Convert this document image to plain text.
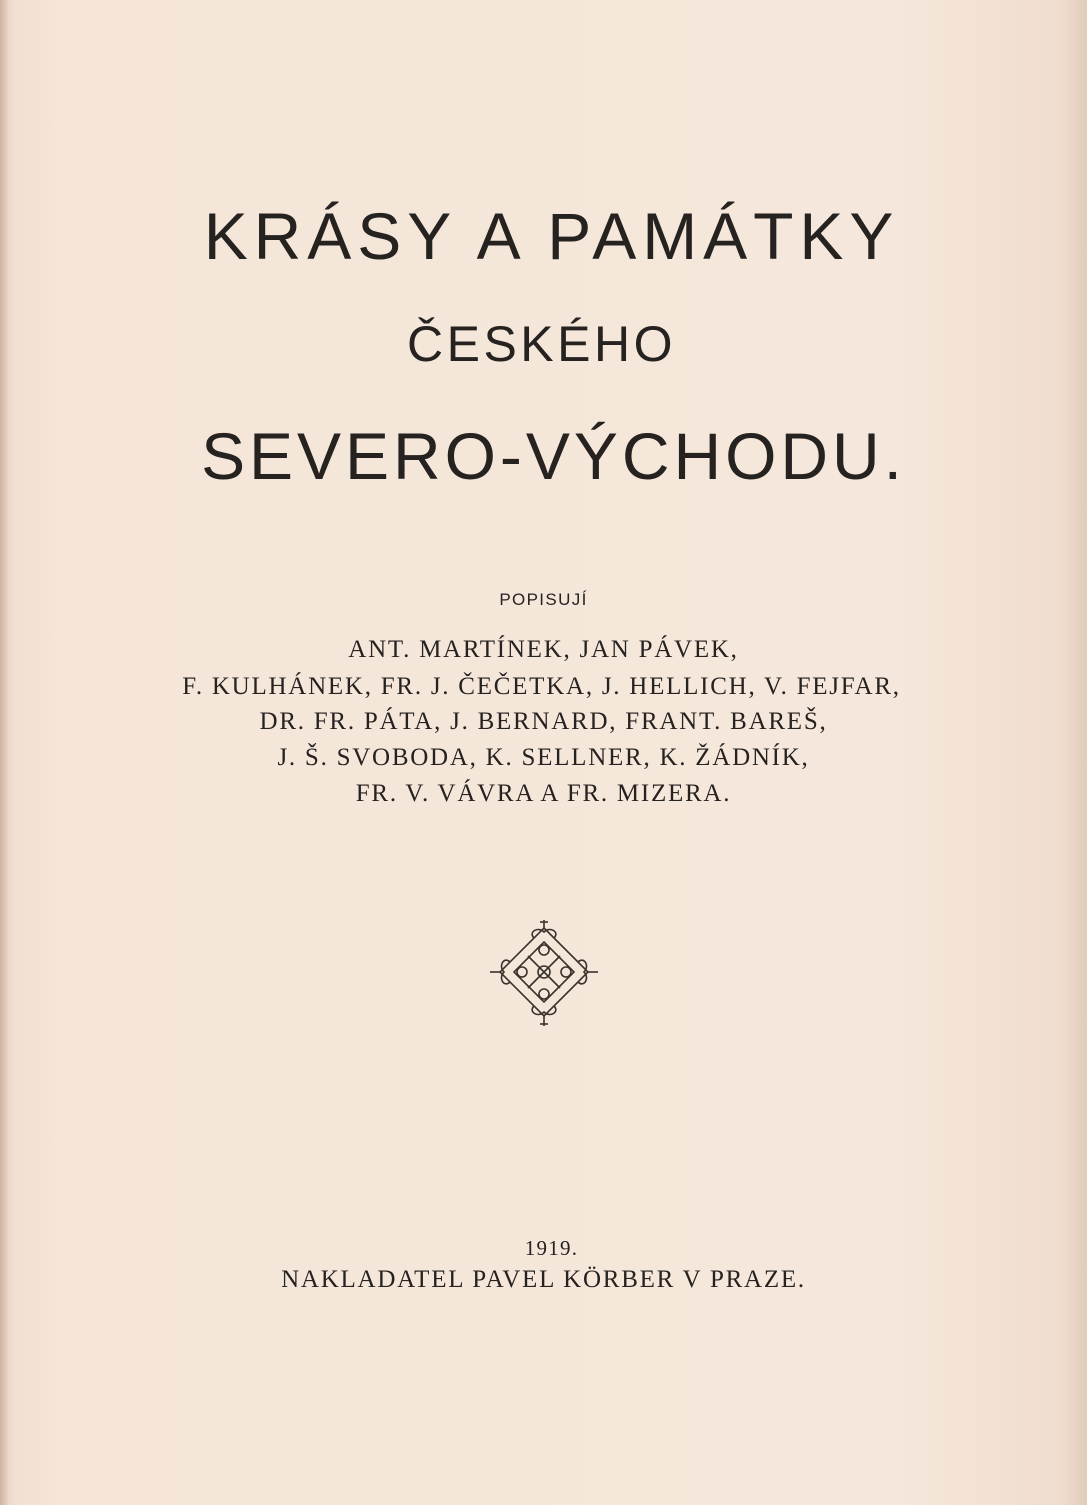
KRÁSY A PAMÁTKY
ČESKÉHO
SEVERO-VÝCHODU.
POPISUJÍ
ANT. MARTÍNEK, JAN PÁVEK,
F. KULHÁNEK, FR. J. ČEČETKA, J. HELLICH, V. FEJFAR,
DR. FR. PÁTA, J. BERNARD, FRANT. BAREŠ,
J. Š. SVOBODA, K. SELLNER, K. ŽÁDNÍK,
FR. V. VÁVRA A FR. MIZERA.
1919.
NAKLADATEL PAVEL KÖRBER V PRAZE.
